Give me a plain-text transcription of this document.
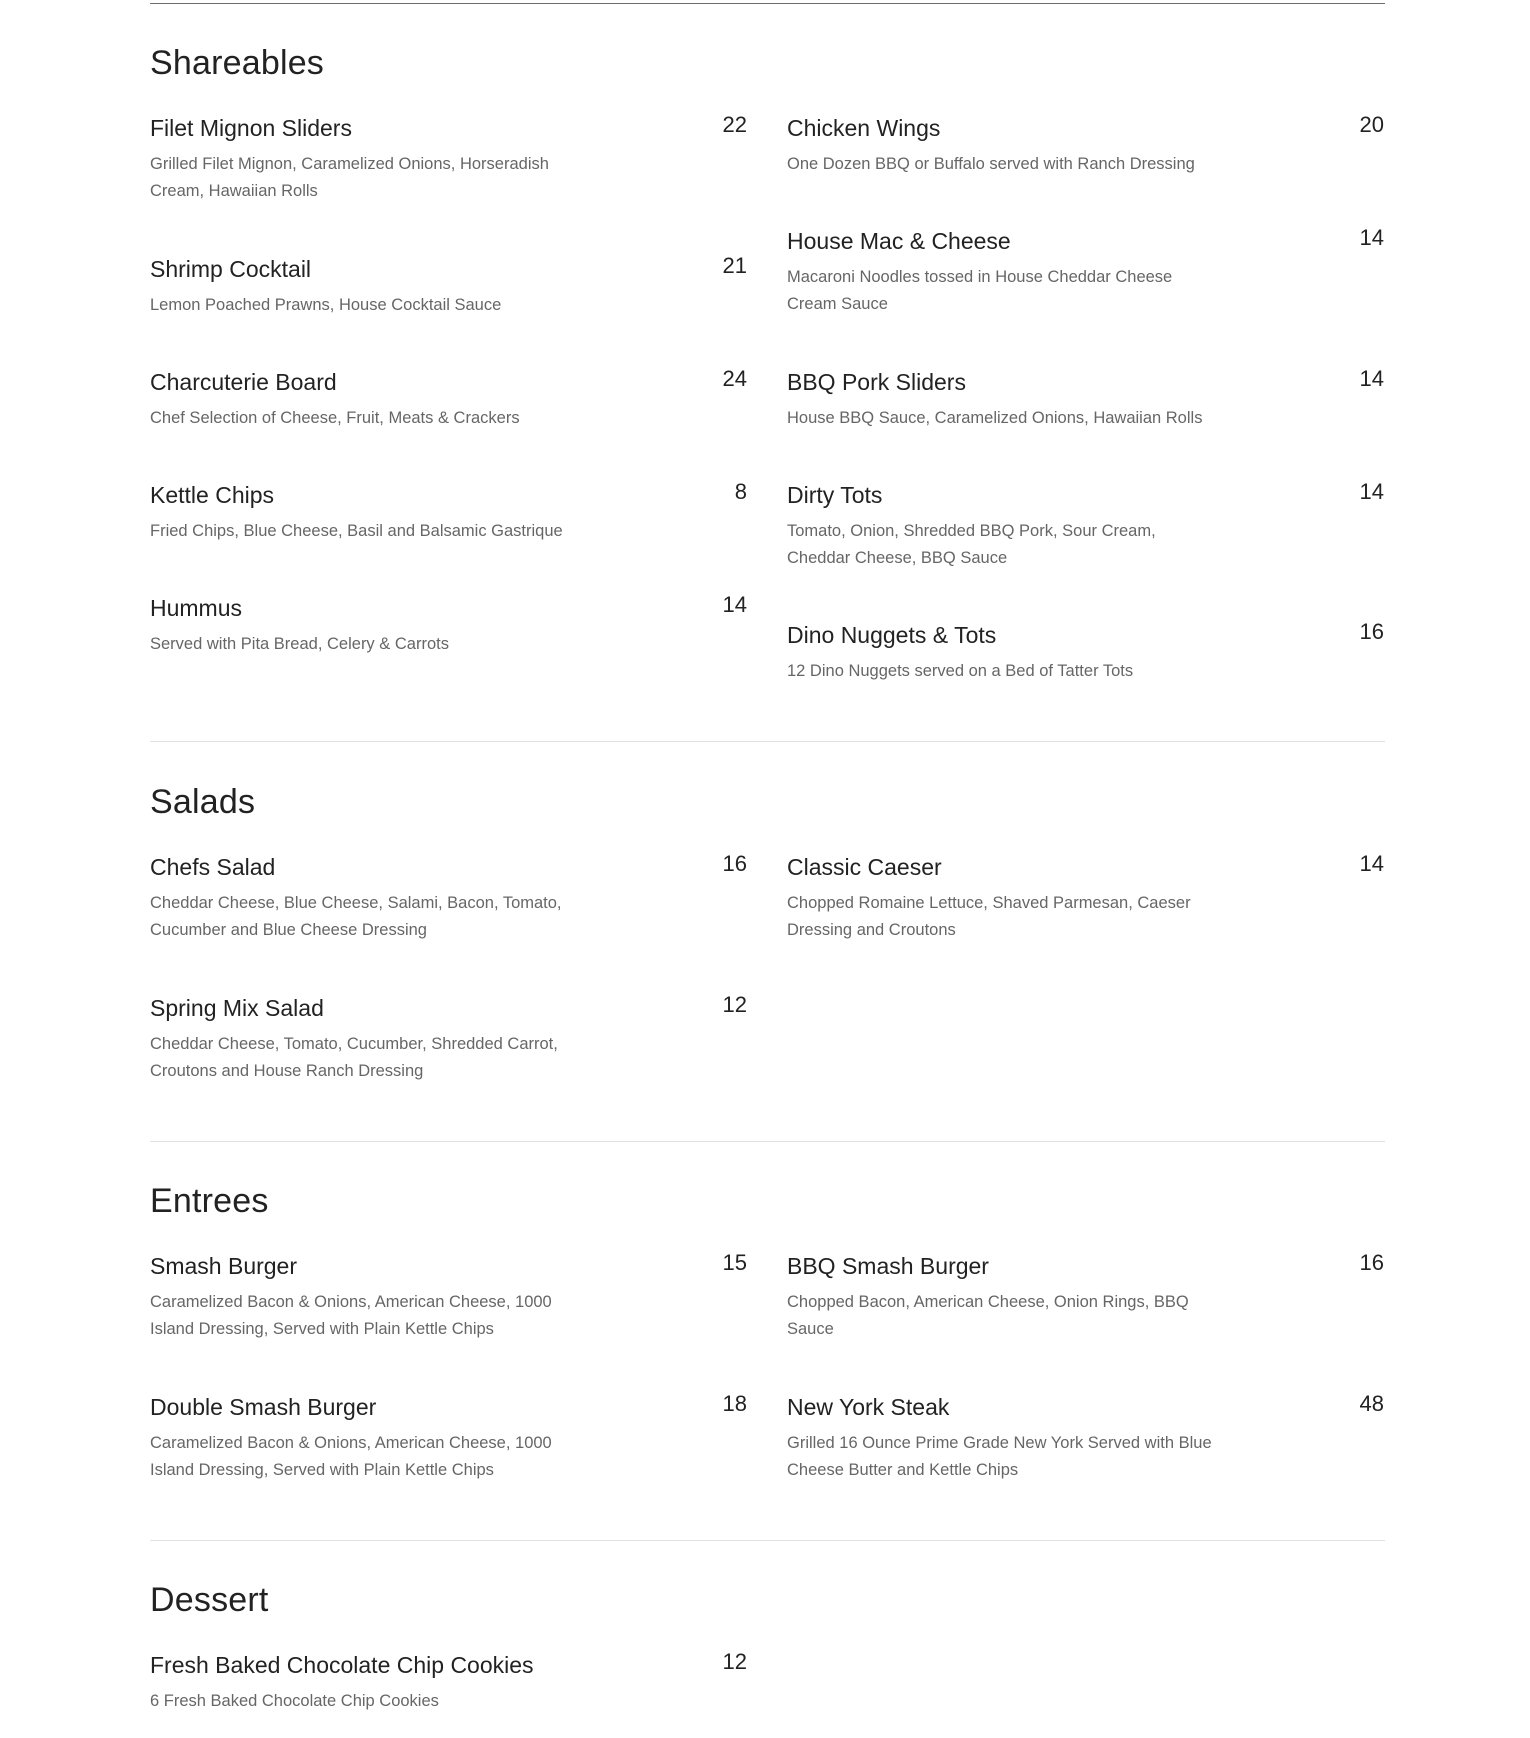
Shareables
Filet Mignon Sliders	22
Grilled Filet Mignon, Caramelized Onions, Horseradish Cream, Hawaiian Rolls
Chicken Wings	20
One Dozen BBQ or Buffalo served with Ranch Dressing
Shrimp Cocktail	21
Lemon Poached Prawns, House Cocktail Sauce
House Mac & Cheese	14
Macaroni Noodles tossed in House Cheddar Cheese Cream Sauce
Charcuterie Board	24
Chef Selection of Cheese, Fruit, Meats & Crackers
BBQ Pork Sliders	14
House BBQ Sauce, Caramelized Onions, Hawaiian Rolls
Kettle Chips	8
Fried Chips, Blue Cheese, Basil and Balsamic Gastrique
Dirty Tots	14
Tomato, Onion, Shredded BBQ Pork, Sour Cream, Cheddar Cheese, BBQ Sauce
Hummus	14
Served with Pita Bread, Celery & Carrots	Dino Nuggets & Tots	16
12 Dino Nuggets served on a Bed of Tatter Tots
Salads
Chefs Salad	16
Cheddar Cheese, Blue Cheese, Salami, Bacon, Tomato, Cucumber and Blue Cheese Dressing
Classic Caeser	14
Chopped Romaine Lettuce, Shaved Parmesan, Caeser Dressing and Croutons
Spring Mix Salad	12
Cheddar Cheese, Tomato, Cucumber, Shredded Carrot, Croutons and House Ranch Dressing
Entrees
Smash Burger	15
Caramelized Bacon & Onions, American Cheese, 1000 Island Dressing, Served with Plain Kettle Chips
BBQ Smash Burger	16
Chopped Bacon, American Cheese, Onion Rings, BBQ Sauce
Double Smash Burger	18
Caramelized Bacon & Onions, American Cheese, 1000 Island Dressing, Served with Plain Kettle Chips
New York Steak	48
Grilled 16 Ounce Prime Grade New York Served with Blue Cheese Butter and Kettle Chips
Dessert
Fresh Baked Chocolate Chip Cookies	12
6 Fresh Baked Chocolate Chip Cookies
